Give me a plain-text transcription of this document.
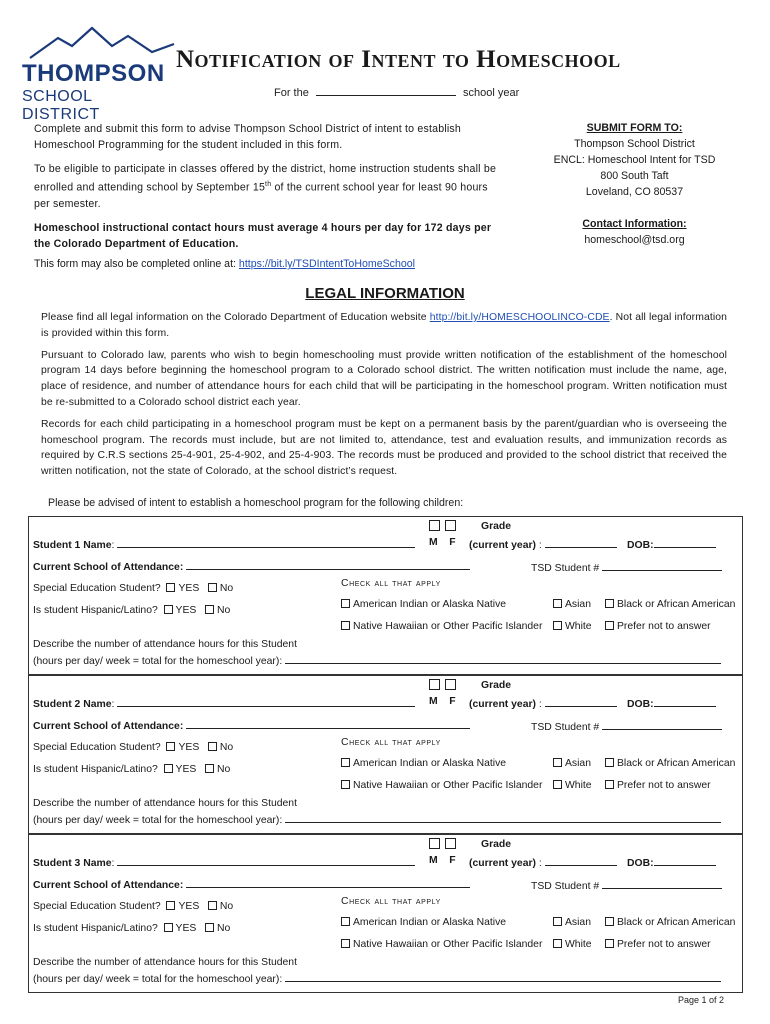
THOMPSON
SCHOOL DISTRICT
Notification of Intent to Homeschool
For the	school year

Complete and submit this form to advise Thompson School District of intent to establish Homeschool Programming for the student included in this form.

To be eligible to participate in classes offered by the district, home instruction students shall be enrolled and attending school by September 15th of the current school year for least 90 hours per semester.

Homeschool instructional contact hours must average 4 hours per day for 172 days per the Colorado Department of Education.

SUBMIT FORM TO:
Thompson School District
ENCL: Homeschool Intent for TSD
800 South Taft
Loveland, CO 80537
Contact Information:
homeschool@tsd.org
This form may also be completed online at: https://bit.ly/TSDIntentToHomeSchool
LEGAL INFORMATION

Please find all legal information on the Colorado Department of Education website http://bit.ly/HOMESCHOOLINCO-CDE. Not all legal information is provided within this form.

Pursuant to Colorado law, parents who wish to begin homeschooling must provide written notification of the establishment of the homeschool program 14 days before beginning the homeschool program to a Colorado school district. The written notification must include the name, age, place of residence, and number of attendance hours for each child that will be participating in the homeschool program. Written notification must be re-submitted to a Colorado school district each year.

Records for each child participating in a homeschool program must be kept on a permanent basis by the parent/guardian who is overseeing the homeschool program. The records must include, but are not limited to, attendance, test and evaluation results, and immunization records as required by C.R.S sections 25-4-901, 25-4-902, and 25-4-903. The records must be produced and provided to the school district that received the written notification, not the state of Colorado, at the school district’s request.

Please be advised of intent to establish a homeschool program for the following children:
Grade
M F
Student 1 Name:	(current year) :	DOB:
Current School of Attendance:	TSD Student #
Special Education Student? YES No
Is student Hispanic/Latino? YES No
Check all that apply
American Indian or Alaska Native	Asian	Black or African American
Native Hawaiian or Other Pacific Islander	White	Prefer not to answer
Describe the number of attendance hours for this Student
(hours per day/ week = total for the homeschool year):
Grade
M F
Student 2 Name:	(current year) :	DOB:
Current School of Attendance:	TSD Student #
Special Education Student? YES No
Is student Hispanic/Latino? YES No
Check all that apply
American Indian or Alaska Native	Asian	Black or African American
Native Hawaiian or Other Pacific Islander	White	Prefer not to answer
Describe the number of attendance hours for this Student
(hours per day/ week = total for the homeschool year):
Grade
M F
Student 3 Name:	(current year) :	DOB:
Current School of Attendance:	TSD Student #
Special Education Student? YES No
Is student Hispanic/Latino? YES No
Check all that apply
American Indian or Alaska Native	Asian	Black or African American
Native Hawaiian or Other Pacific Islander	White	Prefer not to answer
Describe the number of attendance hours for this Student
(hours per day/ week = total for the homeschool year):
Page 1 of 2
